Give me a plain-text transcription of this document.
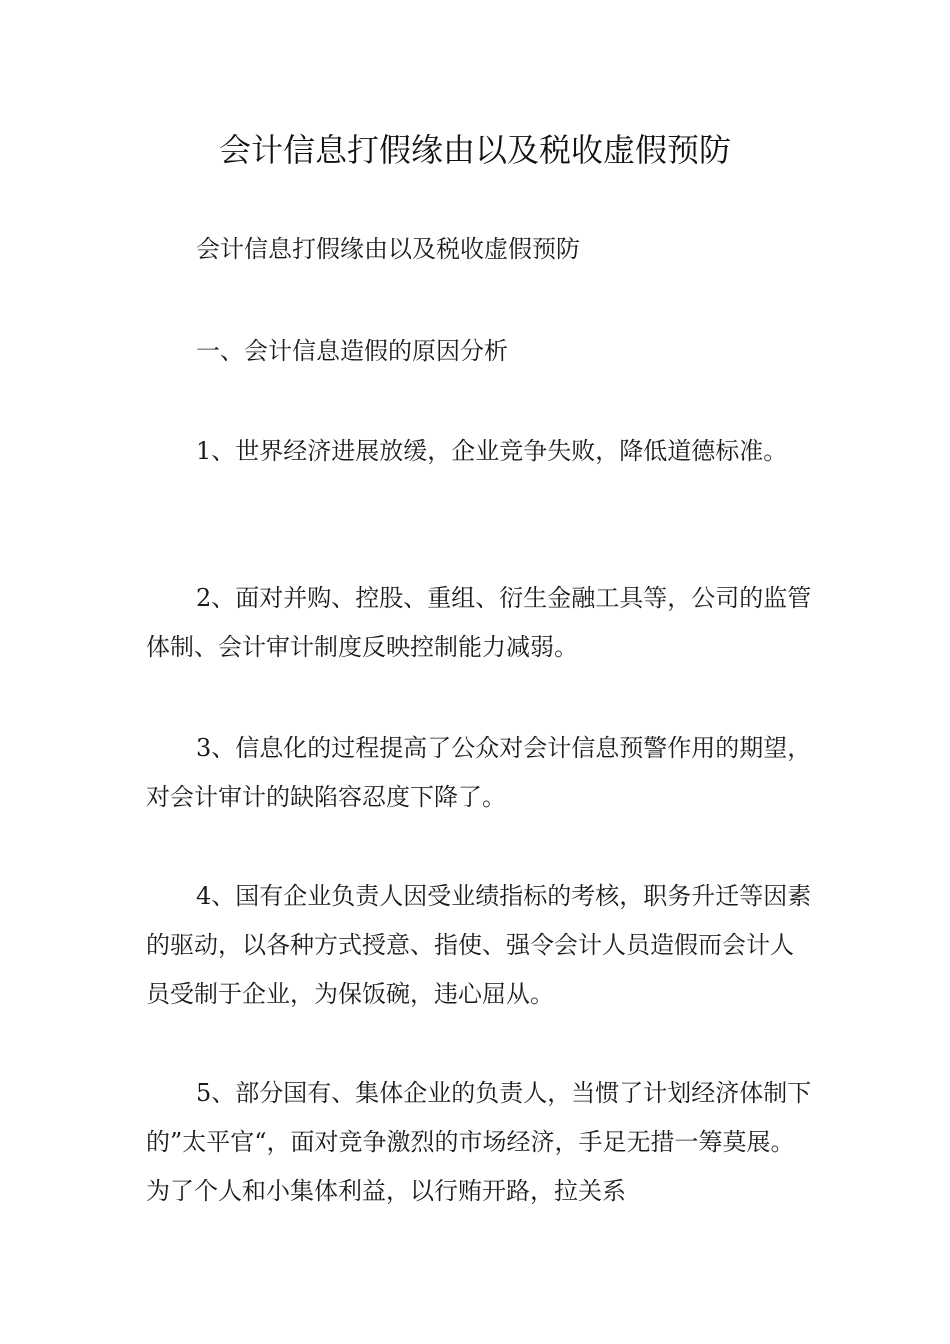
会计信息打假缘由以及税收虚假预防

会计信息打假缘由以及税收虚假预防

一、会计信息造假的原因分析

1、世界经济进展放缓，企业竞争失败，降低道德标准。

2、面对并购、控股、重组、衍生金融工具等，公司的监管体制、会计审计制度反映控制能力减弱。

3、信息化的过程提高了公众对会计信息预警作用的期望，对会计审计的缺陷容忍度下降了。

4、国有企业负责人因受业绩指标的考核，职务升迁等因素的驱动，以各种方式授意、指使、强令会计人员造假而会计人员受制于企业，为保饭碗，违心屈从。

5、部分国有、集体企业的负责人，当惯了计划经济体制下的”太平官“，面对竞争激烈的市场经济，手足无措一筹莫展。为了个人和小集体利益，以行贿开路，拉关系
